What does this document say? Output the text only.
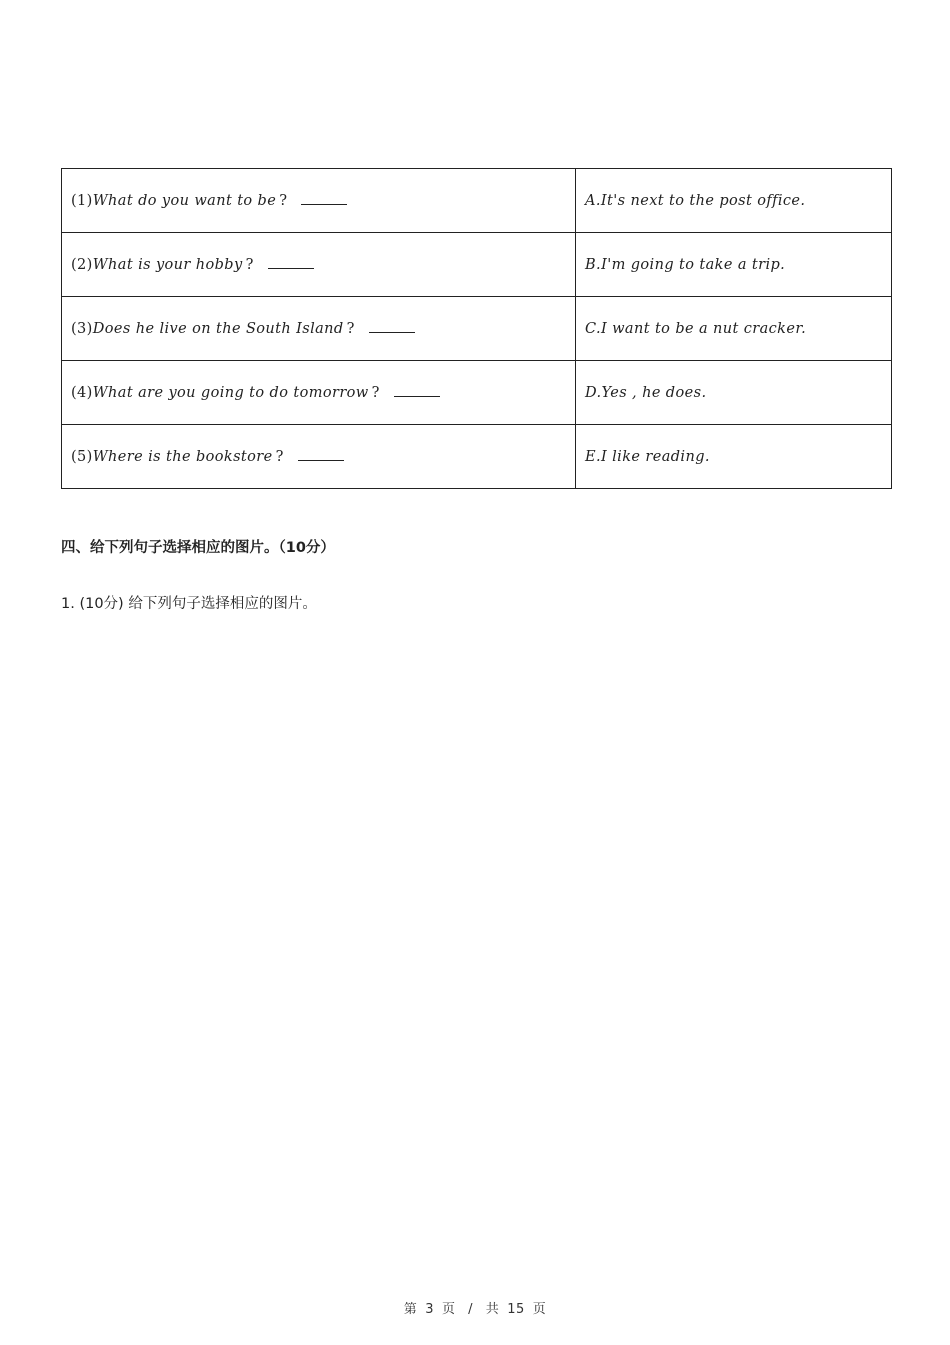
(1)What do you want to be ?	A.It's next to the post office.
(2)What is your hobby ?	B.I'm going to take a trip.
(3)Does he live on the South Island ?	C.I want to be a nut cracker.
(4)What are you going to do tomorrow ?	D.Yes , he does.
(5)Where is the bookstore ?	E.I like reading.
四、给下列句子选择相应的图片。（10分）

1. (10分) 给下列句子选择相应的图片。

第 3 页 / 共 15 页
